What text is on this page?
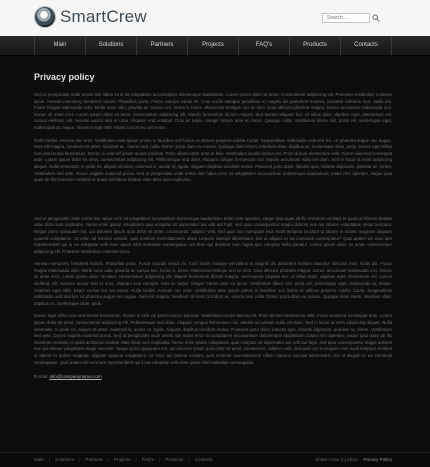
SmartCrew
Search...
Main	Solutions	Partners	Projects	FAQ's	Products	Contacts
Privacy policy

Sed ut perspiciatis unde omnis iste natus error sit voluptatem accusantium doloremque laudantium. Lorem ipsum dolor sit amet, consectetuer adipiscing elit. Praesent vestibulum molestie lacus. Aenean nonummy hendrerit mauris. Phasellus porta. Fusce suscipit varius mi. Cum sociis natoque penatibus et magnis dis parturient montes, nascetur ridiculus mus. Nulla dui. Fusce feugiat malesuada odio. Morbi nunc odio, gravida at, cursus nec, luctus a, lorem. Maecenas tristique orci ac sem. Duis ultricies pharetra magna. Donec accumsan malesuada orci. Donec sit amet eros. Lorem ipsum dolor sit amet, consectetuer adipiscing elit. Mauris fermentum dictum magna. Sed laoreet aliquam leo. Ut tellus dolor, dapibus eget, elementum vel, cursus eleifend, elit. Aenean auctor wisi et urna. Aliquam erat volutpat. Duis ac turpis. Integer rutrum ante eu lacus. Quisque nulla. Vestibulum libero nisl, porta vel, scelerisque eget, malesuada at, neque. Vivamus eget nibh. Etiam cursus leo vel metus.

Nulla facilisi. Aenean nec eros. Vestibulum ante ipsum primis in faucibus orci luctus et ultrices posuere cubilia Curae; Suspendisse sollicitudin velit sed leo. Ut pharetra augue nec augue. Nam elit magna, hendrerit sit amet, tincidunt ac, viverra sed, nulla. Donec porta diam eu massa. Quisque diam lorem, interdum vitae, dapibus ac, scelerisque vitae, pede. Donec eget tellus non erat lacinia fermentum. Donec in velit vel ipsum auctor pulvinar. Proin ullamcorper urna et felis. Vestibulum iaculis lacinia est. Proin dictum elementum velit. Fusce euismod consequat ante. Lorem ipsum dolor sit amet, consectetuer adipiscing elit. Pellentesque sed dolor. Aliquam congue fermentum nisl. Mauris accumsan nulla vel diam. Sed in lacus ut enim adipiscing aliquet. Nulla venenatis. In pede mi, aliquet sit amet, euismod in, auctor ut, ligula. Aliquam dapibus tincidunt metus. Praesent justo dolor, lobortis quis, lobortis dignissim, pulvinar ac, lorem. Vestibulum sed ante. Donec sagittis euismod purus. Sed ut perspiciatis unde omnis iste natus error sit voluptatem accusantium doloremque laudantium, totam rem aperiam, eaque ipsa quae ab illo inventore veritatis et quasi architecto beatae vitae dicta sunt explicabo.

Sed ut perspiciatis unde omnis iste natus error sit voluptatem accusantium doloremque laudantium, totam rem aperiam, eaque ipsa quae ab illo inventore veritatis et quasi architecto beatae vitae dicta sunt explicabo. Nemo enim ipsam voluptatem quia voluptas sit aspernatur aut odit aut fugit, sed quia consequuntur magni dolores eos qui ratione voluptatem sequi nesciunt. Neque porro quisquam est, qui dolorem ipsum quia dolor sit amet, consectetur, adipisci velit, sed quia non numquam eius modi tempora incidunt ut labore et dolore magnam aliquam quaerat voluptatem. Ut enim ad minima veniam, quis nostrum exercitationem ullam corporis suscipit laboriosam, nisi ut aliquid ex ea commodi consequatur? Quis autem vel eum iure reprehenderit qui in ea voluptate velit esse quam nihil molestiae consequatur, vel illum qui dolorem eum fugiat quo voluptas nulla pariatur. Lorem ipsum dolor sit amet, consectetuer adipiscing elit. Praesent vestibulum molestie lacus.

Aenean nonummy hendrerit mauris. Phasellus porta. Fusce suscipit varius mi. Cum sociis natoque penatibus et magnis dis parturient montes nascetur ridiculus mus. Nulla dui. Fusce feugiat malesuada odio. Morbi nunc odio, gravida at, cursus nec, luctus a, lorem. Maecenas tristique orci ac sem. Duis ultricies pharetra magna. Donec accumsan malesuada orci. Donec sit amet eros. Lorem ipsum dolor sit amet, consectetuer adipiscing elit. Mauris fermentum dictum magna. Sed laoreet aliquam leo. Ut tellus dolor, dapibus eget, elementum vel, cursus eleifend, elit. Aenean auctor wisi et urna. Aliquam erat volutpat. Duis ac turpis. Integer rutrum ante eu lacus. Vestibulum libero nisl, porta vel, scelerisque eget, malesuada at, neque. Vivamus eget nibh. Etiam cursus leo vel metus. Nulla facilisi. Aenean nec eros. Vestibulum ante ipsum primis in faucibus orci luctus et ultrices posuere cubilia Curae; Suspendisse sollicitudin velit sed leo. Ut pharetra augue nec augue. Nam elit magna, hendrerit sit amet, tincidunt ac, viverra sed, nulla. Donec porta diam eu massa. Quisque diam lorem, interdum vitae, dapibus ac, scelerisque vitae, pede.

Donec eget tellus non erat lacinia fermentum. Donec in velit vel ipsum auctor pulvinar. Vestibulum iaculis lacinia est. Proin dictum elementum velit. Fusce euismod consequat ante. Lorem ipsum dolor sit amet, consectetuer adipiscing elit. Pellentesque sed dolor. Aliquam congue fermentum nisl. Mauris accumsan nulla vel diam. Sed in lacus ut enim adipiscing aliquet. Nulla venenatis. In pede mi, aliquet sit amet, euismod in, auctor ut, ligula. Aliquam dapibus tincidunt metus. Praesent justo dolor, lobortis quis, lobortis dignissim, pulvinar ac, lorem. Vestibulum sed ante. Donec sagittis euismod purus. Sed ut perspiciatis unde omnis iste natus error sit voluptatem accusantium doloremque laudantium, totam rem aperiam, eaque ipsa quae ab illo inventore veritatis et quasi architecto beatae vitae dicta sunt explicabo. Nemo enim ipsam voluptatem quia voluptas sit aspernatur aut odit aut fugit, sed quia consequuntur magni dolores eos qui ratione voluptatem sequi nesciunt. Neque porro quisquam est, qui dolorem ipsum quia dolor sit amet, consectetur, adipisci velit, sed quia non numquam eius modi tempora incidunt ut labore et dolore magnam aliquam quaerat voluptatem. Ut enim ad minima veniam, quis nostrum exercitationem ullam corporis suscipit laboriosam, nisi ut aliquid ex ea commodi consequatur. Quis autem vel eum iure reprehenderit qui in ea voluptate velit esse quam nihil molestiae consequatur.

E-mail: info@companyname.com
Main | Solutions | Partners | Projects | FAQ's | Products | Contacts	Smart Crew (c) 2010 Privacy Policy
